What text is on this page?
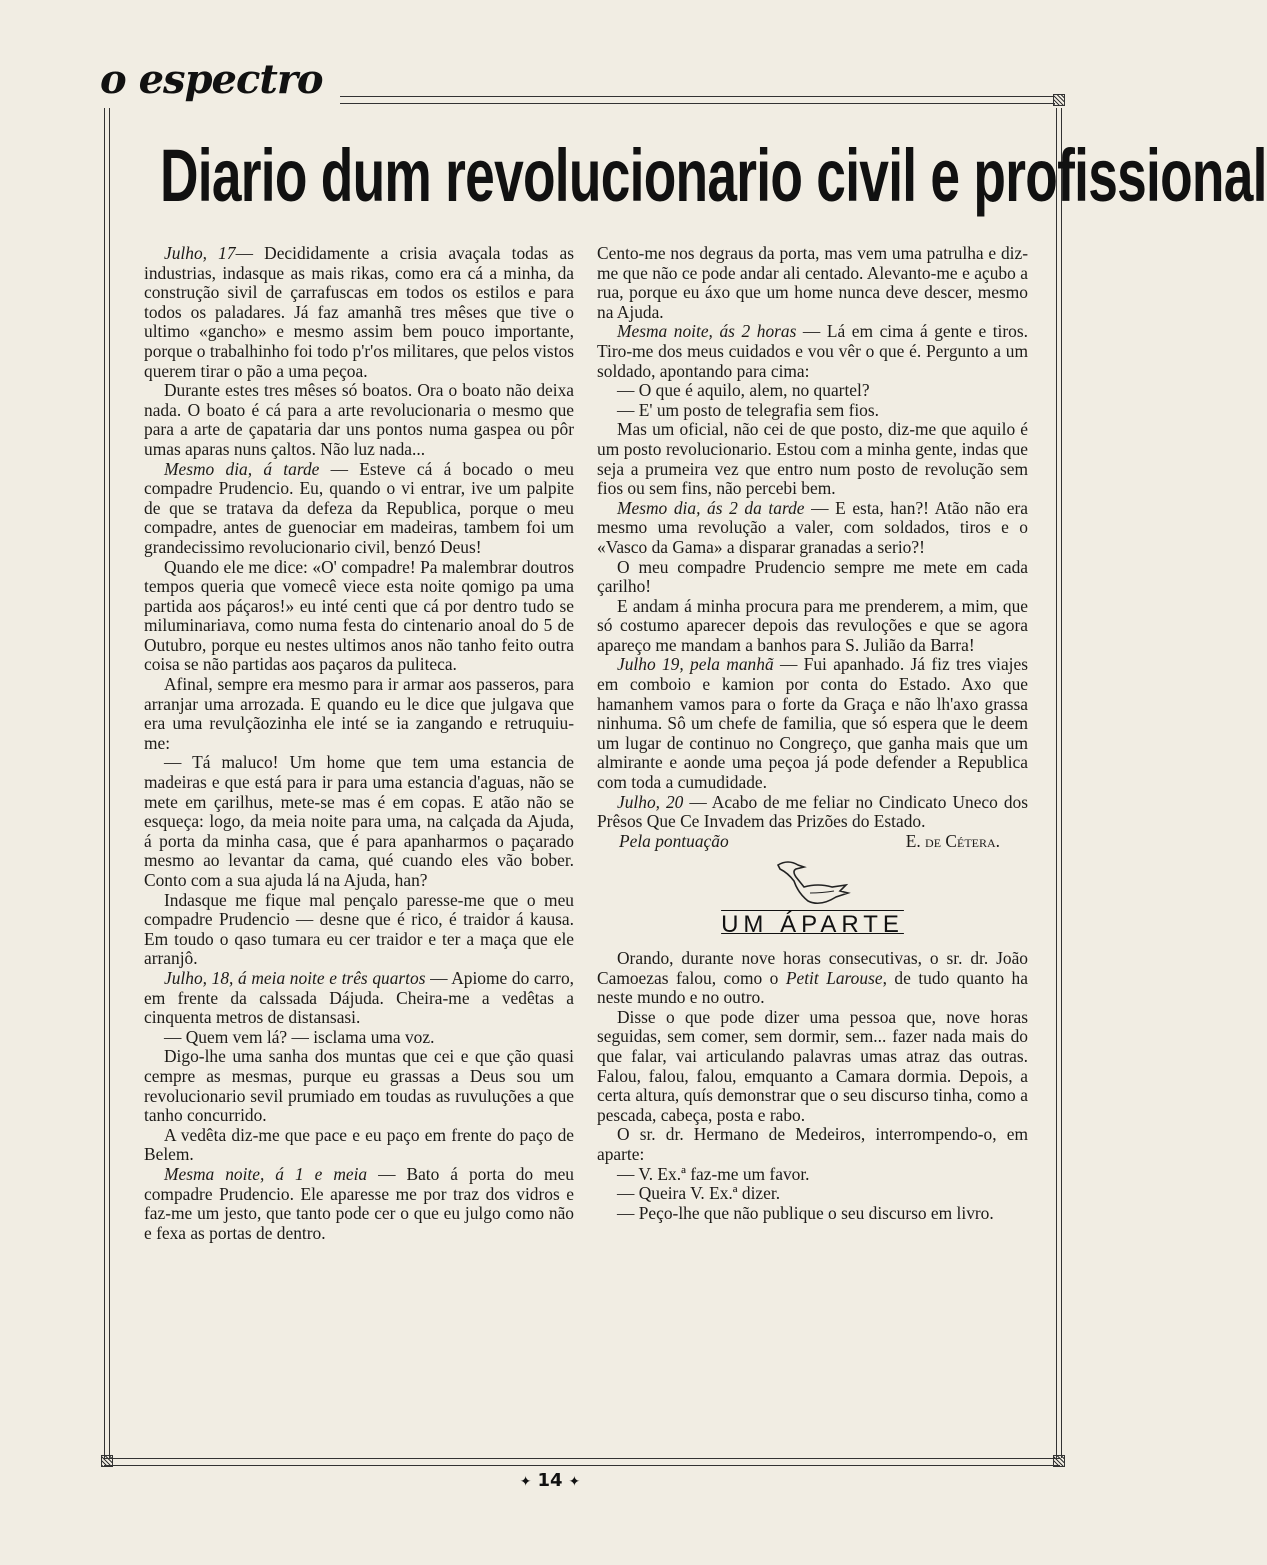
o espectro
Diario dum revolucionario civil e profissional

Julho, 17— Decididamente a crisia avaçala todas as industrias, indasque as mais rikas, como era cá a minha, da construção sivil de çarrafuscas em todos os estilos e para todos os paladares. Já faz amanhã tres mêses que tive o ultimo «gancho» e mesmo assim bem pouco importante, porque o trabalhinho foi todo p'r'os militares, que pelos vistos querem tirar o pão a uma peçoa.

Durante estes tres mêses só boatos. Ora o boato não deixa nada. O boato é cá para a arte revolucionaria o mesmo que para a arte de çapataria dar uns pontos numa gaspea ou pôr umas aparas nuns çaltos. Não luz nada...

Mesmo dia, á tarde — Esteve cá á bocado o meu compadre Prudencio. Eu, quando o vi entrar, ive um palpite de que se tratava da defeza da Republica, porque o meu compadre, antes de guenociar em madeiras, tambem foi um grandecissimo revolucionario civil, benzó Deus!

Quando ele me dice: «O' compadre! Pa malembrar doutros tempos queria que vomecê viece esta noite qomigo pa uma partida aos páçaros!» eu inté centi que cá por dentro tudo se miluminariava, como numa festa do cintenario anoal do 5 de Outubro, porque eu nestes ultimos anos não tanho feito outra coisa se não partidas aos paçaros da puliteca.

Afinal, sempre era mesmo para ir armar aos passeros, para arranjar uma arrozada. E quando eu le dice que julgava que era uma revulçãozinha ele inté se ia zangando e retruquiu-me:

— Tá maluco! Um home que tem uma estancia de madeiras e que está para ir para uma estancia d'aguas, não se mete em çarilhus, mete-se mas é em copas. E atão não se esqueça: logo, da meia noite para uma, na calçada da Ajuda, á porta da minha casa, que é para apanharmos o paçarado mesmo ao levantar da cama, qué cuando eles vão bober. Conto com a sua ajuda lá na Ajuda, han?

Indasque me fique mal pençalo paresse-me que o meu compadre Prudencio — desne que é rico, é traidor á kausa. Em toudo o qaso tumara eu cer traidor e ter a maça que ele arranjô.

Julho, 18, á meia noite e três quartos — Apiome do carro, em frente da calssada Dájuda. Cheira-me a vedêtas a cinquenta metros de distansasi.

— Quem vem lá? — isclama uma voz.

Digo-lhe uma sanha dos muntas que cei e que ção quasi cempre as mesmas, purque eu grassas a Deus sou um revolucionario sevil prumiado em toudas as ruvuluções a que tanho concurrido.

A vedêta diz-me que pace e eu paço em frente do paço de Belem.

Mesma noite, á 1 e meia — Bato á porta do meu compadre Prudencio. Ele aparesse me por traz dos vidros e faz-me um jesto, que tanto pode cer o que eu julgo como não e fexa as portas de dentro.

Cento-me nos degraus da porta, mas vem uma patrulha e diz-me que não ce pode andar ali centado. Alevanto-me e açubo a rua, porque eu áxo que um home nunca deve descer, mesmo na Ajuda.

Mesma noite, ás 2 horas — Lá em cima á gente e tiros. Tiro-me dos meus cuidados e vou vêr o que é. Pergunto a um soldado, apontando para cima:

— O que é aquilo, alem, no quartel?

— E' um posto de telegrafia sem fios.

Mas um oficial, não cei de que posto, diz-me que aquilo é um posto revolucionario. Estou com a minha gente, indas que seja a prumeira vez que entro num posto de revolução sem fios ou sem fins, não percebi bem.

Mesmo dia, ás 2 da tarde — E esta, han?! Atão não era mesmo uma revolução a valer, com soldados, tiros e o «Vasco da Gama» a disparar granadas a serio?!

O meu compadre Prudencio sempre me mete em cada çarilho!

E andam á minha procura para me prenderem, a mim, que só costumo aparecer depois das revuloções e que se agora apareço me mandam a banhos para S. Julião da Barra!

Julho 19, pela manhã — Fui apanhado. Já fiz tres viajes em comboio e kamion por conta do Estado. Axo que hamanhem vamos para o forte da Graça e não lh'axo grassa ninhuma. Sô um chefe de familia, que só espera que le deem um lugar de continuo no Congreço, que ganha mais que um almirante e aonde uma peçoa já pode defender a Republica com toda a cumudidade.

Julho, 20 — Acabo de me feliar no Cindicato Uneco dos Prêsos Que Ce Invadem das Prizões do Estado.

Pela pontuação	E. de Cétera.
UM ÁPARTE

Orando, durante nove horas consecutivas, o sr. dr. João Camoezas falou, como o Petit Larouse, de tudo quanto ha neste mundo e no outro.

Disse o que pode dizer uma pessoa que, nove horas seguidas, sem comer, sem dormir, sem... fazer nada mais do que falar, vai articulando palavras umas atraz das outras. Falou, falou, falou, emquanto a Camara dormia. Depois, a certa altura, quís demonstrar que o seu discurso tinha, como a pescada, cabeça, posta e rabo.

O sr. dr. Hermano de Medeiros, interrompendo-o, em aparte:

— V. Ex.ª faz-me um favor.

— Queira V. Ex.ª dizer.

— Peço-lhe que não publique o seu discurso em livro.

✦ 14 ✦
